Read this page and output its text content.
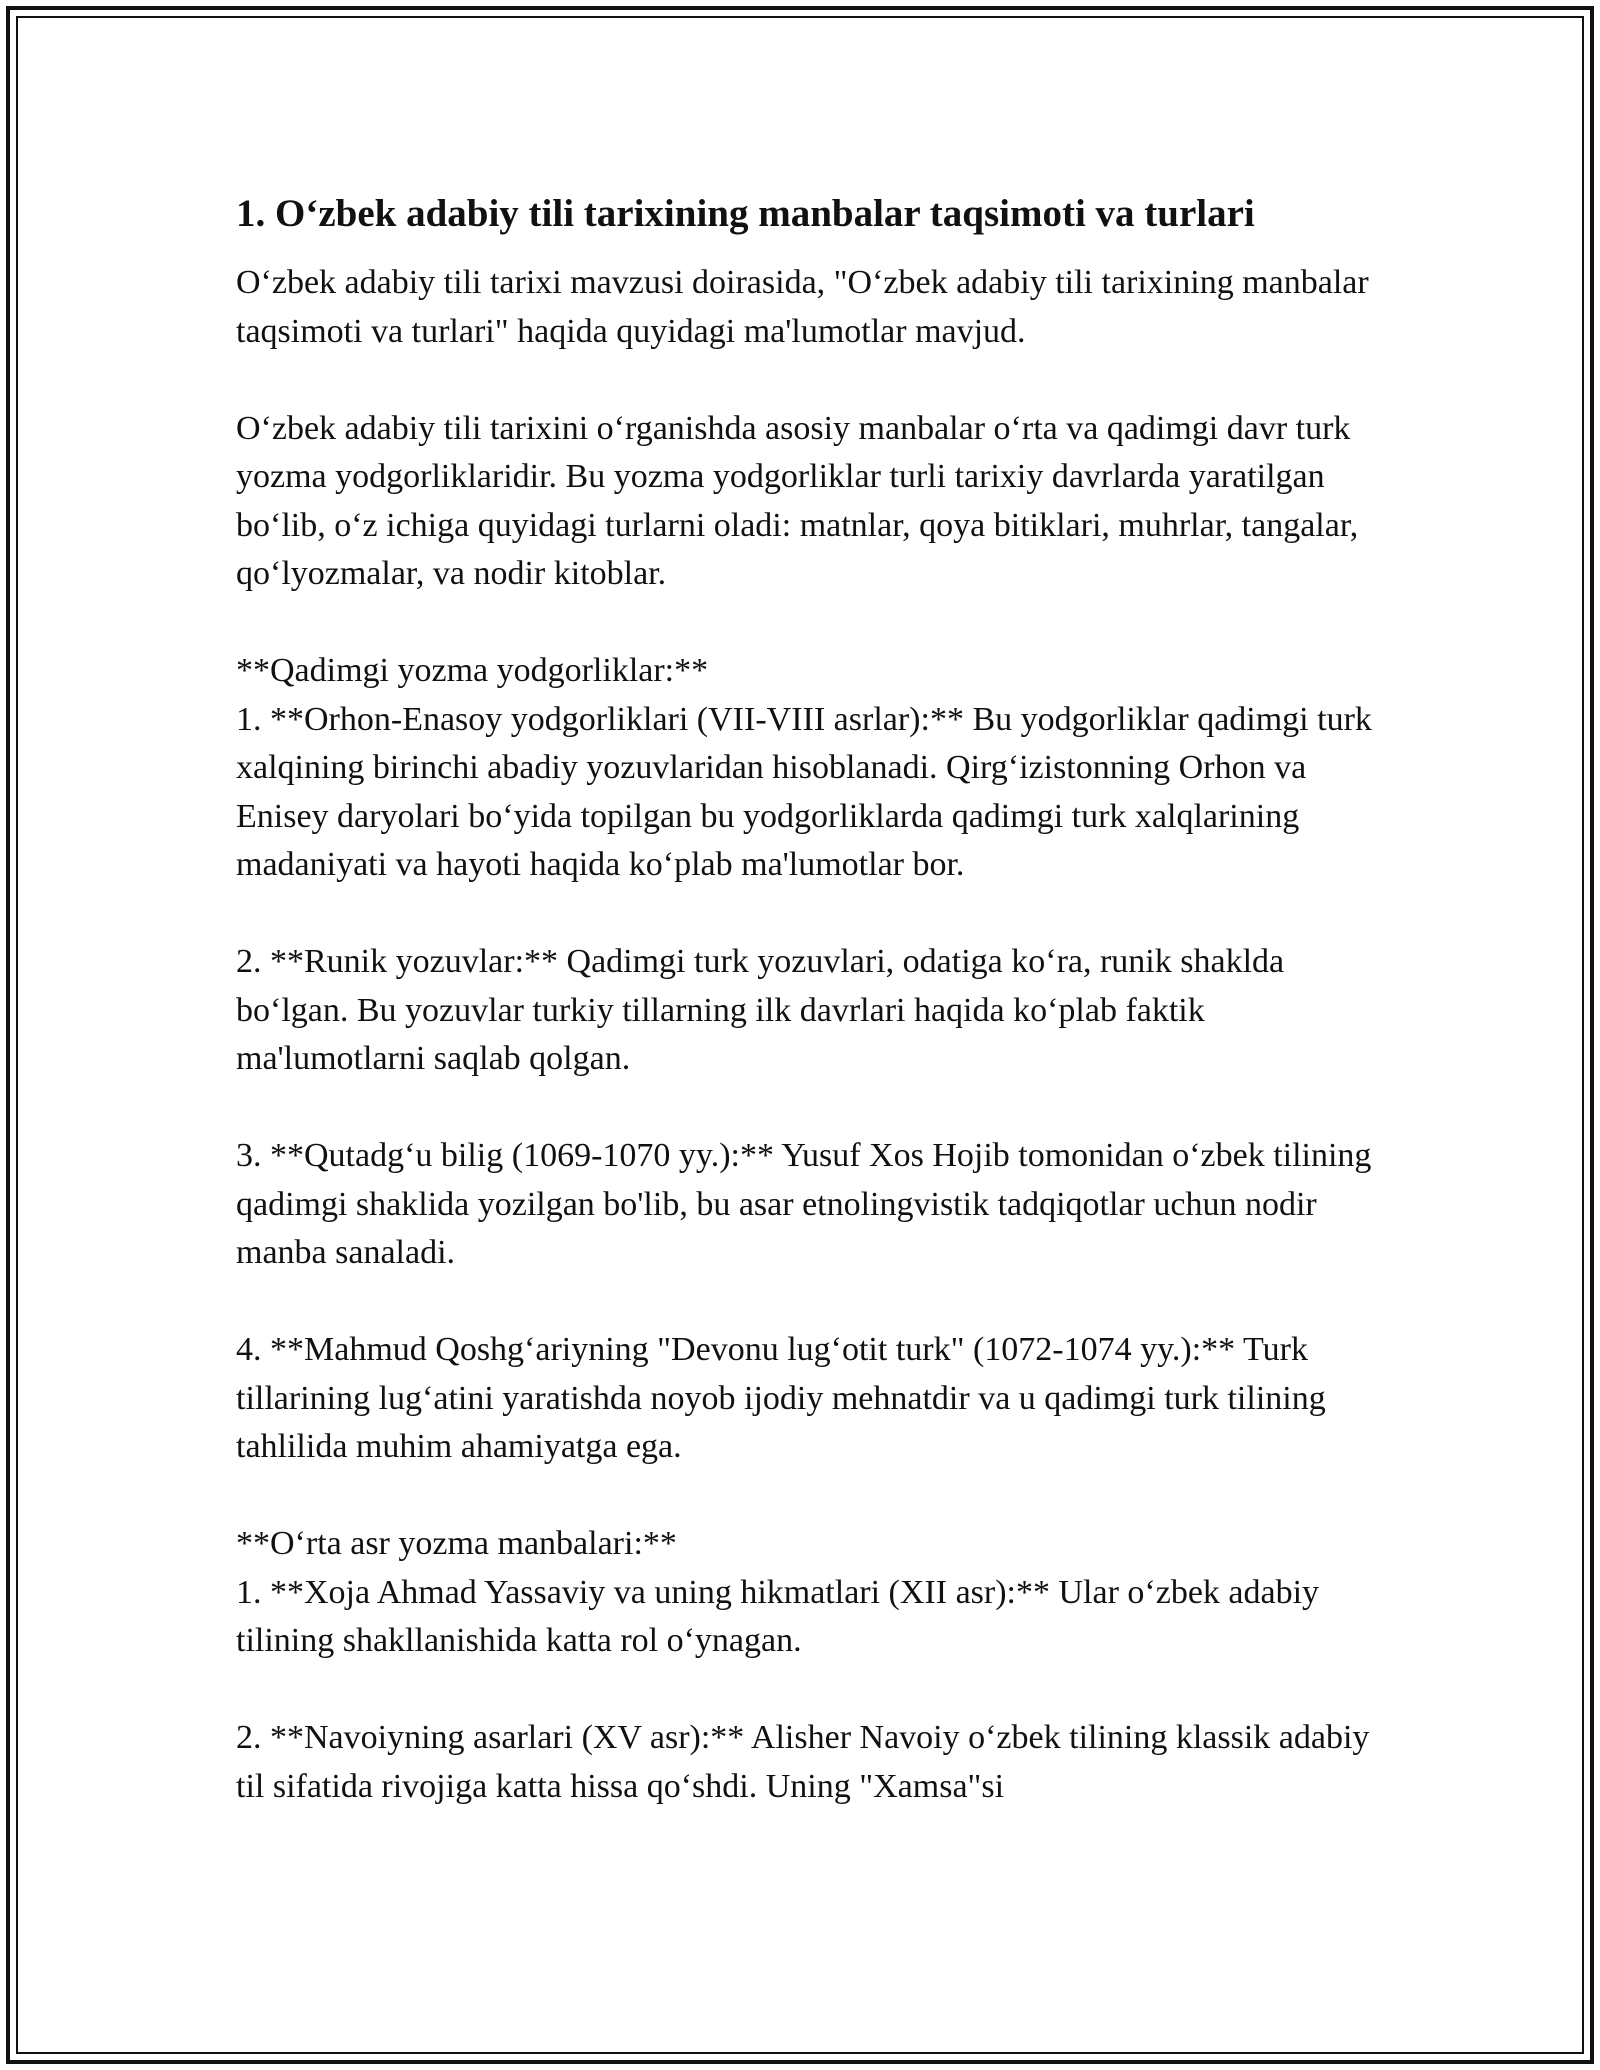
1. O‘zbek adabiy tili tarixining manbalar taqsimoti va turlari

O‘zbek adabiy tili tarixi mavzusi doirasida, "O‘zbek adabiy tili tarixining manbalar taqsimoti va turlari" haqida quyidagi ma'lumotlar mavjud.

O‘zbek adabiy tili tarixini o‘rganishda asosiy manbalar o‘rta va qadimgi davr turk yozma yodgorliklaridir. Bu yozma yodgorliklar turli tarixiy davrlarda yaratilgan bo‘lib, o‘z ichiga quyidagi turlarni oladi: matnlar, qoya bitiklari, muhrlar, tangalar, qo‘lyozmalar, va nodir kitoblar.

**Qadimgi yozma yodgorliklar:**
1. **Orhon-Enasoy yodgorliklari (VII-VIII asrlar):** Bu yodgorliklar qadimgi turk xalqining birinchi abadiy yozuvlaridan hisoblanadi. Qirg‘izistonning Orhon va Enisey daryolari bo‘yida topilgan bu yodgorliklarda qadimgi turk xalqlarining madaniyati va hayoti haqida ko‘plab ma'lumotlar bor.

2. **Runik yozuvlar:** Qadimgi turk yozuvlari, odatiga ko‘ra, runik shaklda bo‘lgan. Bu yozuvlar turkiy tillarning ilk davrlari haqida ko‘plab faktik ma'lumotlarni saqlab qolgan.

3. **Qutadg‘u bilig (1069-1070 yy.):** Yusuf Xos Hojib tomonidan o‘zbek tilining qadimgi shaklida yozilgan bo'lib, bu asar etnolingvistik tadqiqotlar uchun nodir manba sanaladi.

4. **Mahmud Qoshg‘ariyning "Devonu lug‘otit turk" (1072-1074 yy.):** Turk tillarining lug‘atini yaratishda noyob ijodiy mehnatdir va u qadimgi turk tilining tahlilida muhim ahamiyatga ega.

**O‘rta asr yozma manbalari:**
1. **Xoja Ahmad Yassaviy va uning hikmatlari (XII asr):** Ular o‘zbek adabiy tilining shakllanishida katta rol o‘ynagan.

2. **Navoiyning asarlari (XV asr):** Alisher Navoiy o‘zbek tilining klassik adabiy til sifatida rivojiga katta hissa qo‘shdi. Uning "Xamsa"si
